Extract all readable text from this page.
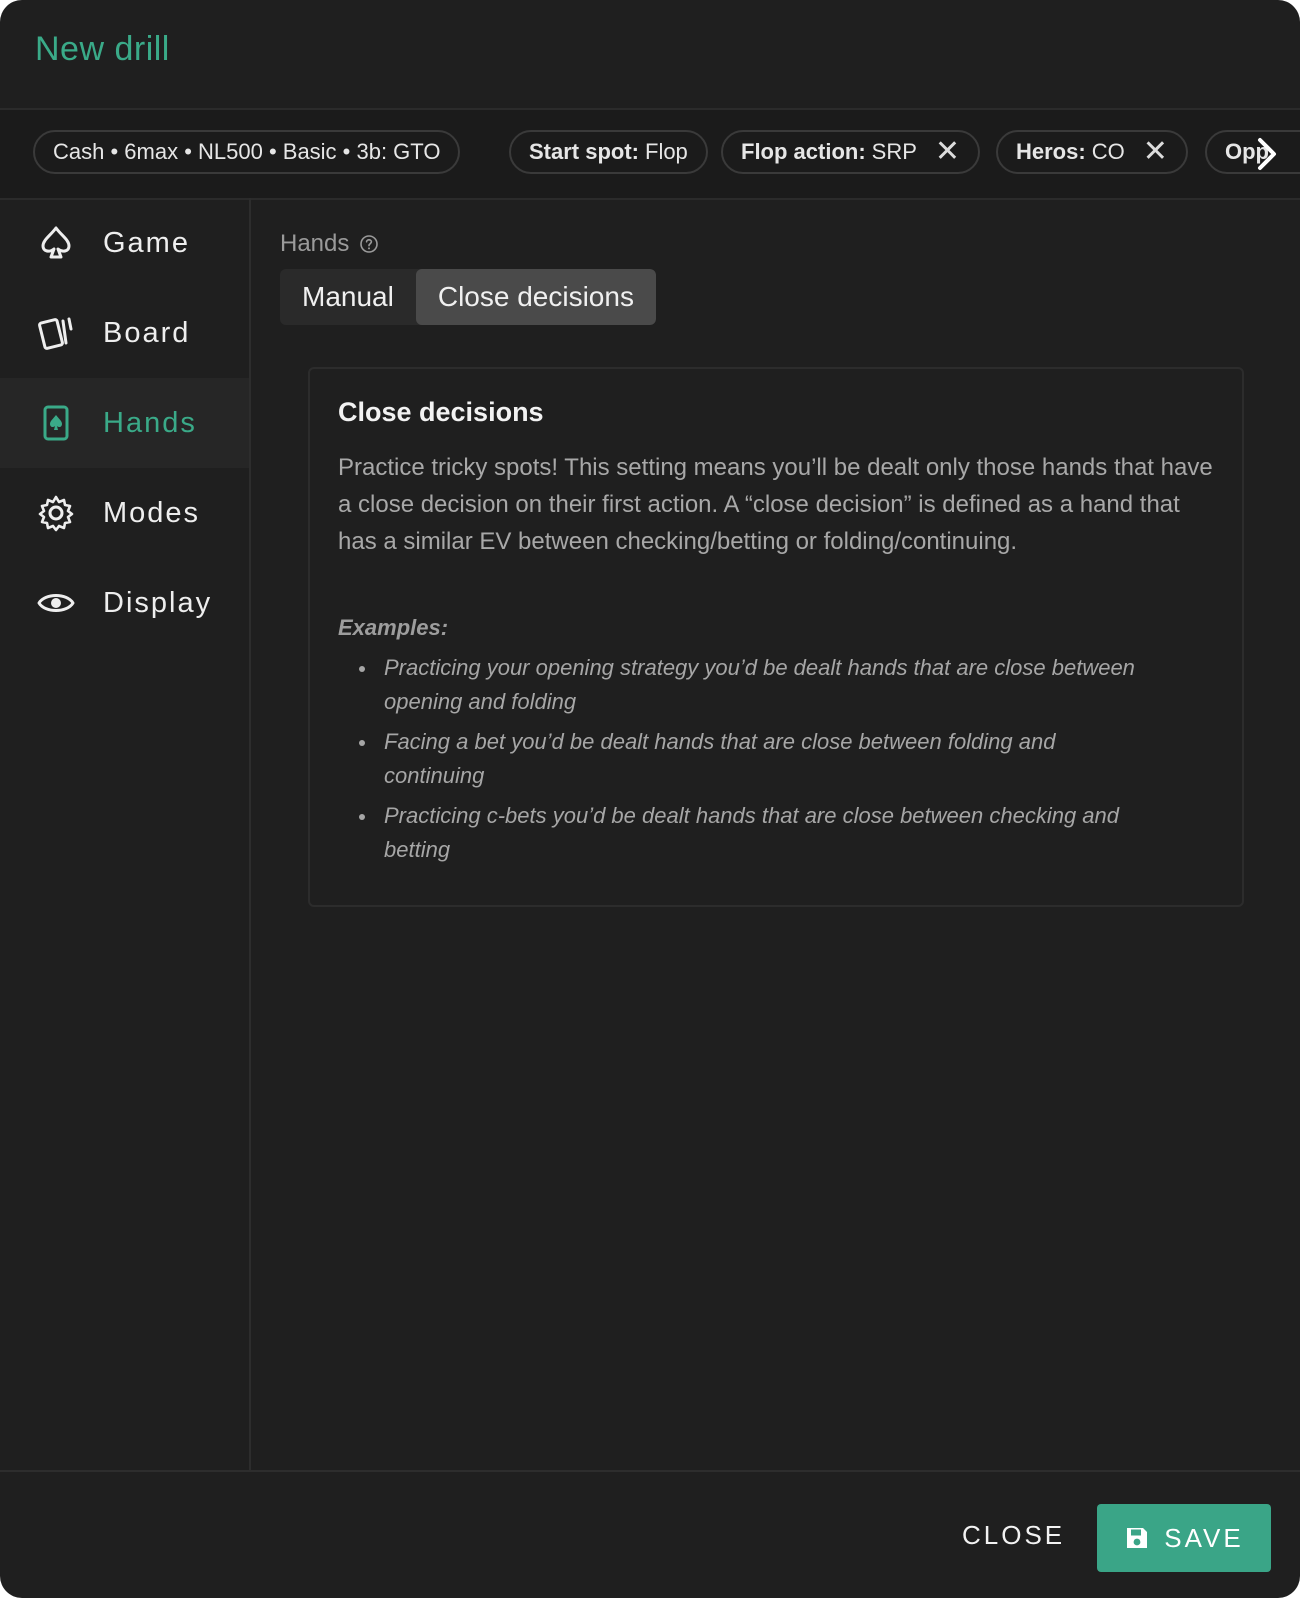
New drill
Cash • 6max • NL500 • Basic • 3b: GTO	Start spot: Flop Flop action: SRP ✕	Heros: CO ✕	Opp
Game
Board
Hands
Modes
Display
Hands
Manual	Close decisions
Close decisions
Practice tricky spots! This setting means you’ll be dealt only those hands that have a close decision on their first action. A “close decision” is defined as a hand that has a similar EV between checking/betting or folding/continuing.
Examples:
Practicing your opening strategy you’d be dealt hands that are close between opening and folding
Facing a bet you’d be dealt hands that are close between folding and continuing
Practicing c-bets you’d be dealt hands that are close between checking and betting
CLOSE	SAVE
